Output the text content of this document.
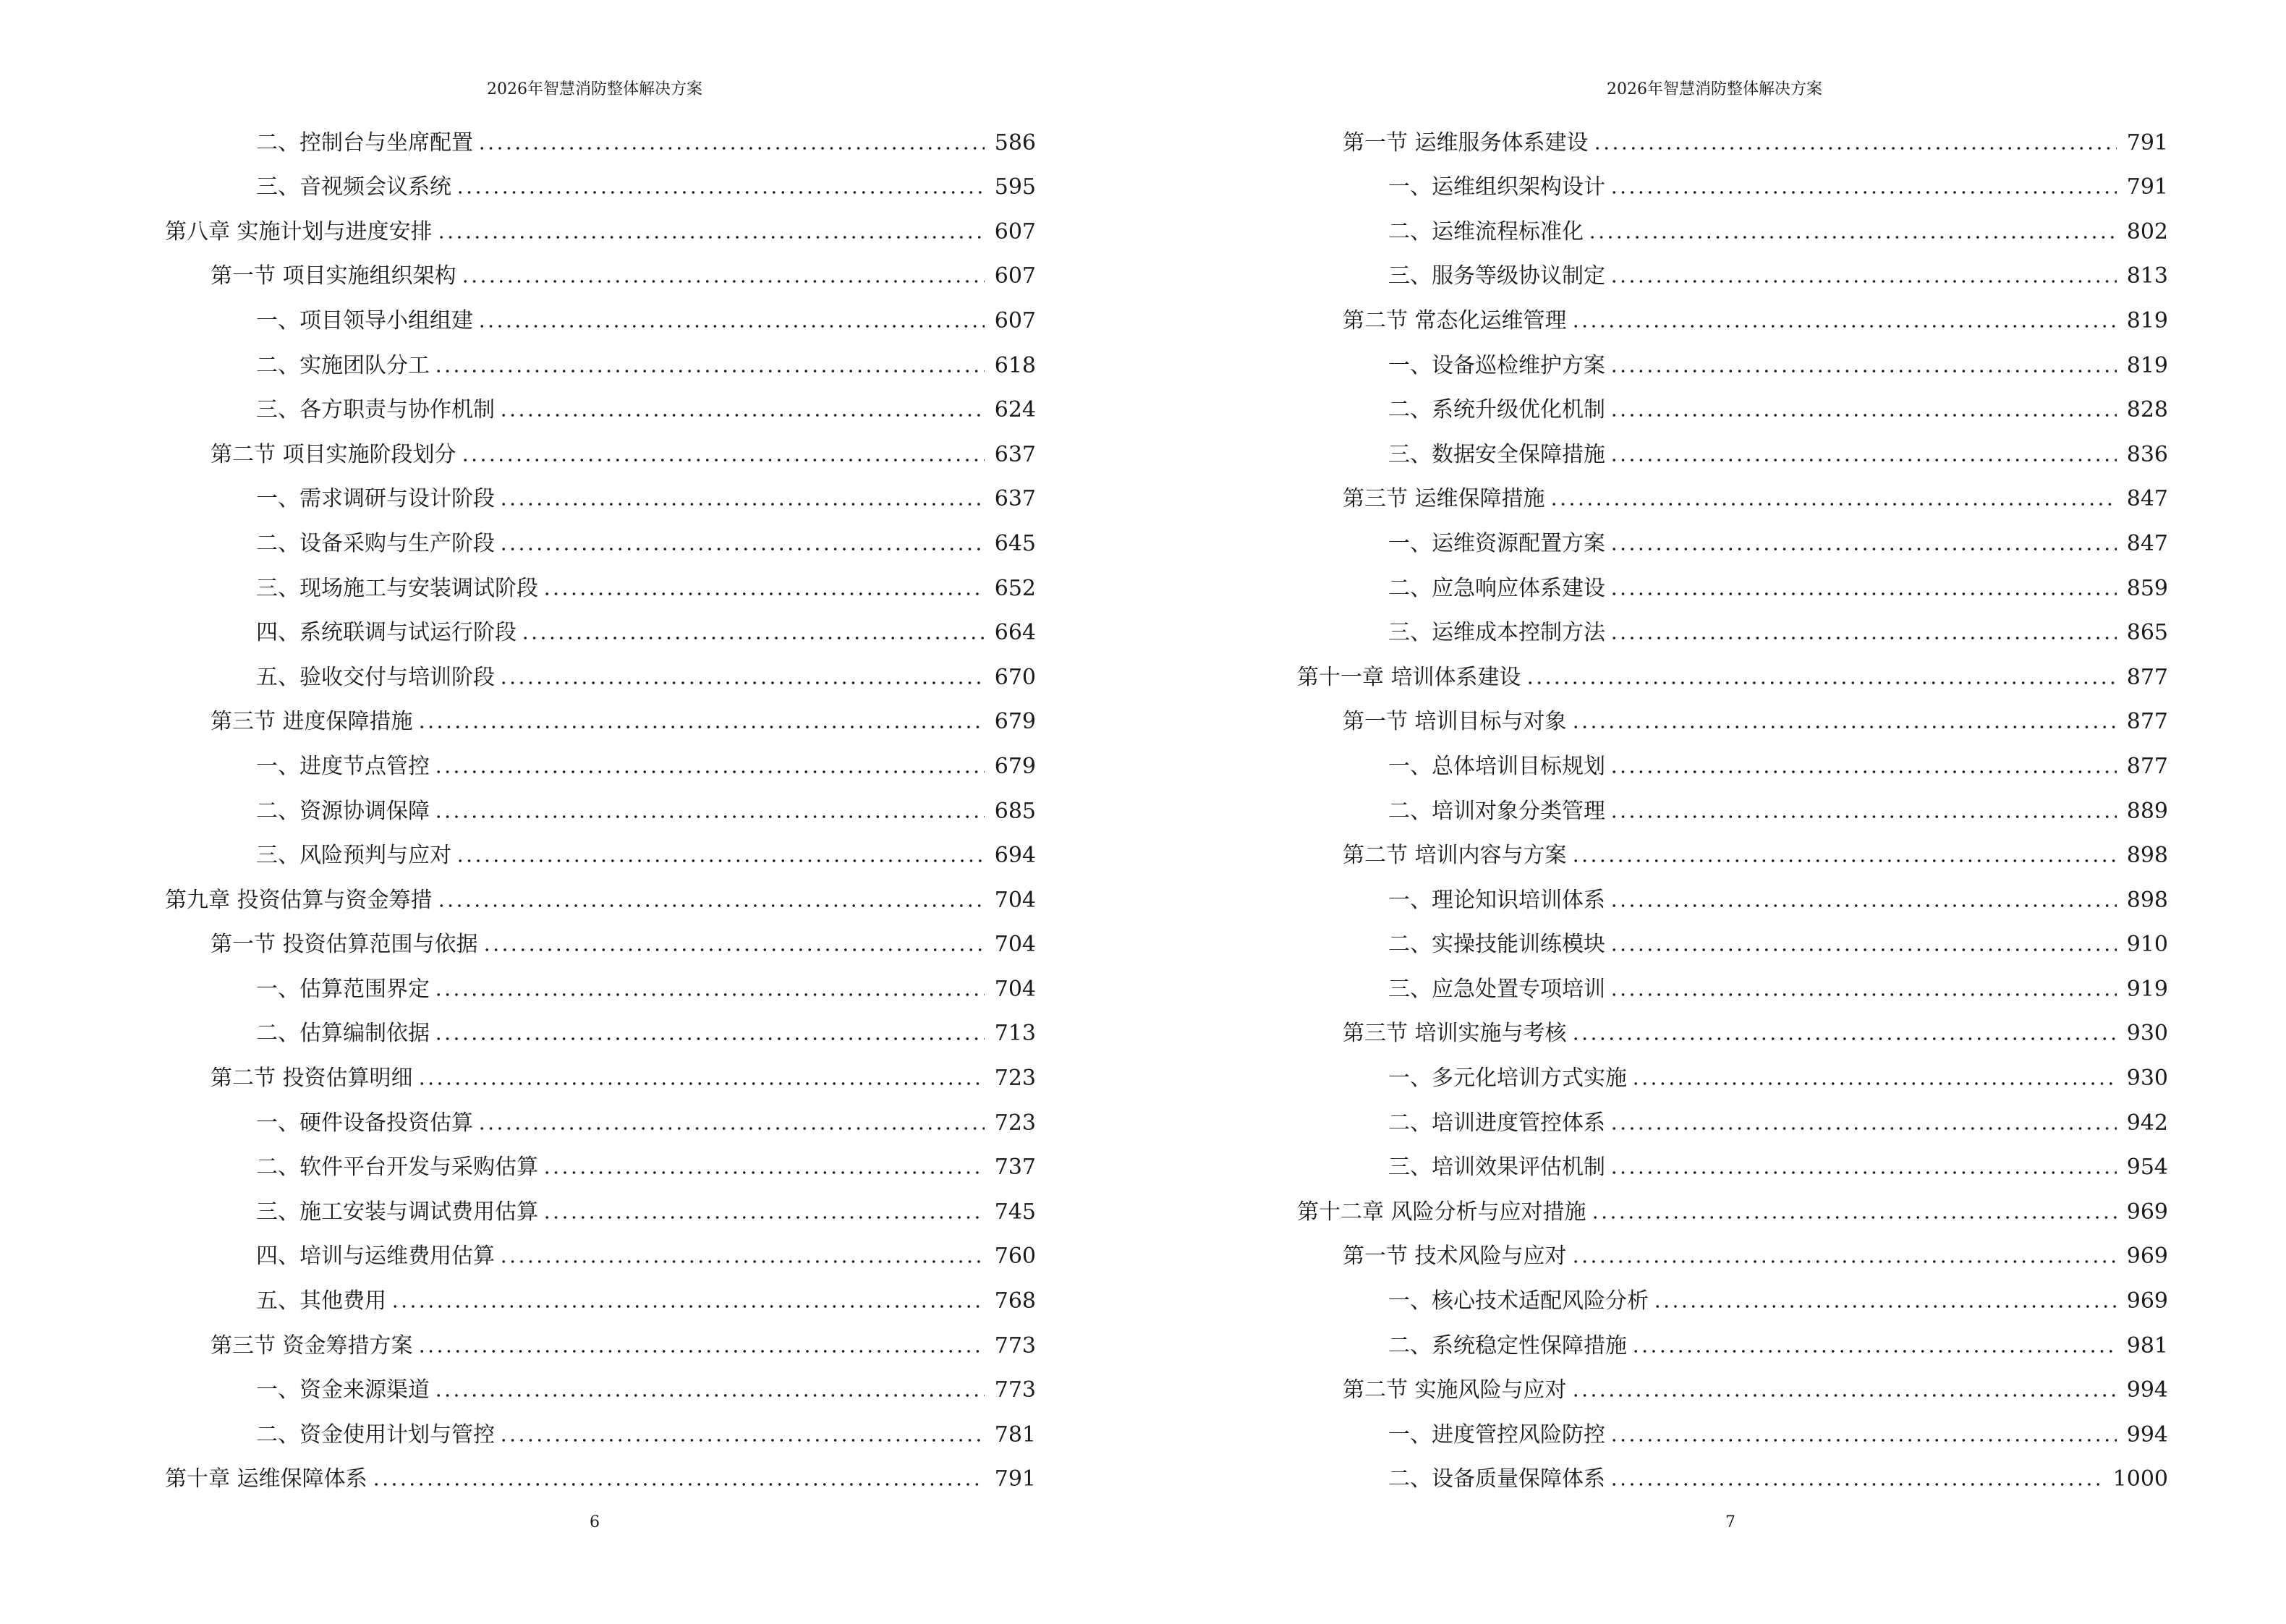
2026年智慧消防整体解决方案
二、控制台与坐席配置	586
三、音视频会议系统	595
第八章 实施计划与进度安排	607
第一节 项目实施组织架构	607
一、项目领导小组组建	607
二、实施团队分工	618
三、各方职责与协作机制	624
第二节 项目实施阶段划分	637
一、需求调研与设计阶段	637
二、设备采购与生产阶段	645
三、现场施工与安装调试阶段	652
四、系统联调与试运行阶段	664
五、验收交付与培训阶段	670
第三节 进度保障措施	679
一、进度节点管控	679
二、资源协调保障	685
三、风险预判与应对	694
第九章 投资估算与资金筹措	704
第一节 投资估算范围与依据	704
一、估算范围界定	704
二、估算编制依据	713
第二节 投资估算明细	723
一、硬件设备投资估算	723
二、软件平台开发与采购估算	737
三、施工安装与调试费用估算	745
四、培训与运维费用估算	760
五、其他费用	768
第三节 资金筹措方案	773
一、资金来源渠道	773
二、资金使用计划与管控	781
第十章 运维保障体系	791
6
2026年智慧消防整体解决方案
第一节 运维服务体系建设	791
一、运维组织架构设计	791
二、运维流程标准化	802
三、服务等级协议制定	813
第二节 常态化运维管理	819
一、设备巡检维护方案	819
二、系统升级优化机制	828
三、数据安全保障措施	836
第三节 运维保障措施	847
一、运维资源配置方案	847
二、应急响应体系建设	859
三、运维成本控制方法	865
第十一章 培训体系建设	877
第一节 培训目标与对象	877
一、总体培训目标规划	877
二、培训对象分类管理	889
第二节 培训内容与方案	898
一、理论知识培训体系	898
二、实操技能训练模块	910
三、应急处置专项培训	919
第三节 培训实施与考核	930
一、多元化培训方式实施	930
二、培训进度管控体系	942
三、培训效果评估机制	954
第十二章 风险分析与应对措施	969
第一节 技术风险与应对	969
一、核心技术适配风险分析	969
二、系统稳定性保障措施	981
第二节 实施风险与应对	994
一、进度管控风险防控	994
二、设备质量保障体系	1000
7
